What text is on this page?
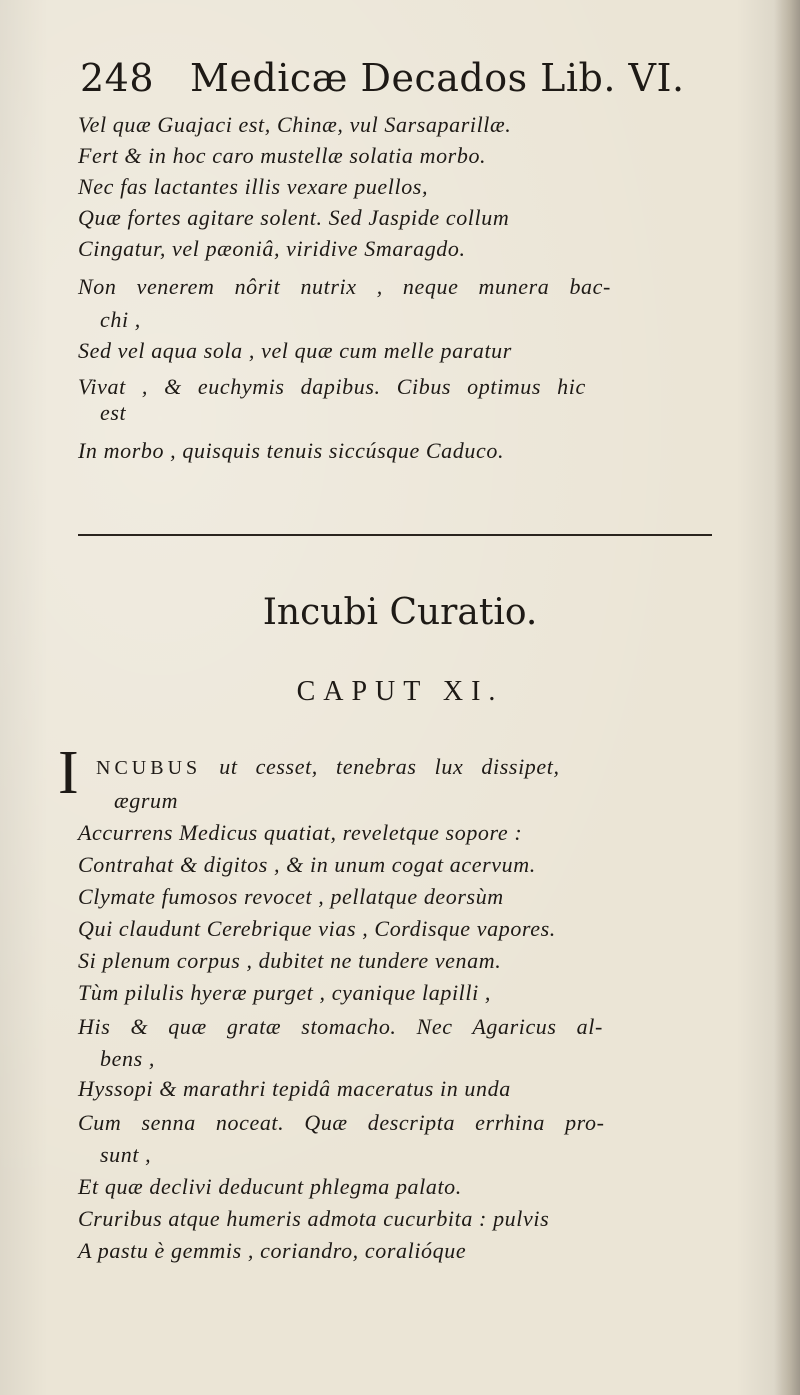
248 Medicæ Decados Lib. VI.
Vel quæ Guajaci est, Chinæ, vul Sarsaparillæ.
Fert & in hoc caro mustellæ solatia morbo.
Nec fas lactantes illis vexare puellos,
Quæ fortes agitare solent. Sed Jaspide collum
Cingatur, vel pæoniâ, viridive Smaragdo.
Non venerem nôrit nutrix , neque munera bac-
chi ,
Sed vel aqua sola , vel quæ cum melle paratur
Vivat , & euchymis dapibus. Cibus optimus hic
est
In morbo , quisquis tenuis siccúsque Caduco.
Incubi Curatio.
CAPUT XI.
I NCUBUS ut cesset, tenebras lux dissipet,
ægrum
Accurrens Medicus quatiat, reveletque sopore :
Contrahat & digitos , & in unum cogat acervum.
Clymate fumosos revocet , pellatque deorsùm
Qui claudunt Cerebrique vias , Cordisque vapores.
Si plenum corpus , dubitet ne tundere venam.
Tùm pilulis hyeræ purget , cyanique lapilli ,
His & quæ gratæ stomacho. Nec Agaricus al-
bens ,
Hyssopi & marathri tepidâ maceratus in unda
Cum senna noceat. Quæ descripta errhina pro-
sunt ,
Et quæ declivi deducunt phlegma palato.
Cruribus atque humeris admota cucurbita : pulvis
A pastu è gemmis , coriandro, coralióque
